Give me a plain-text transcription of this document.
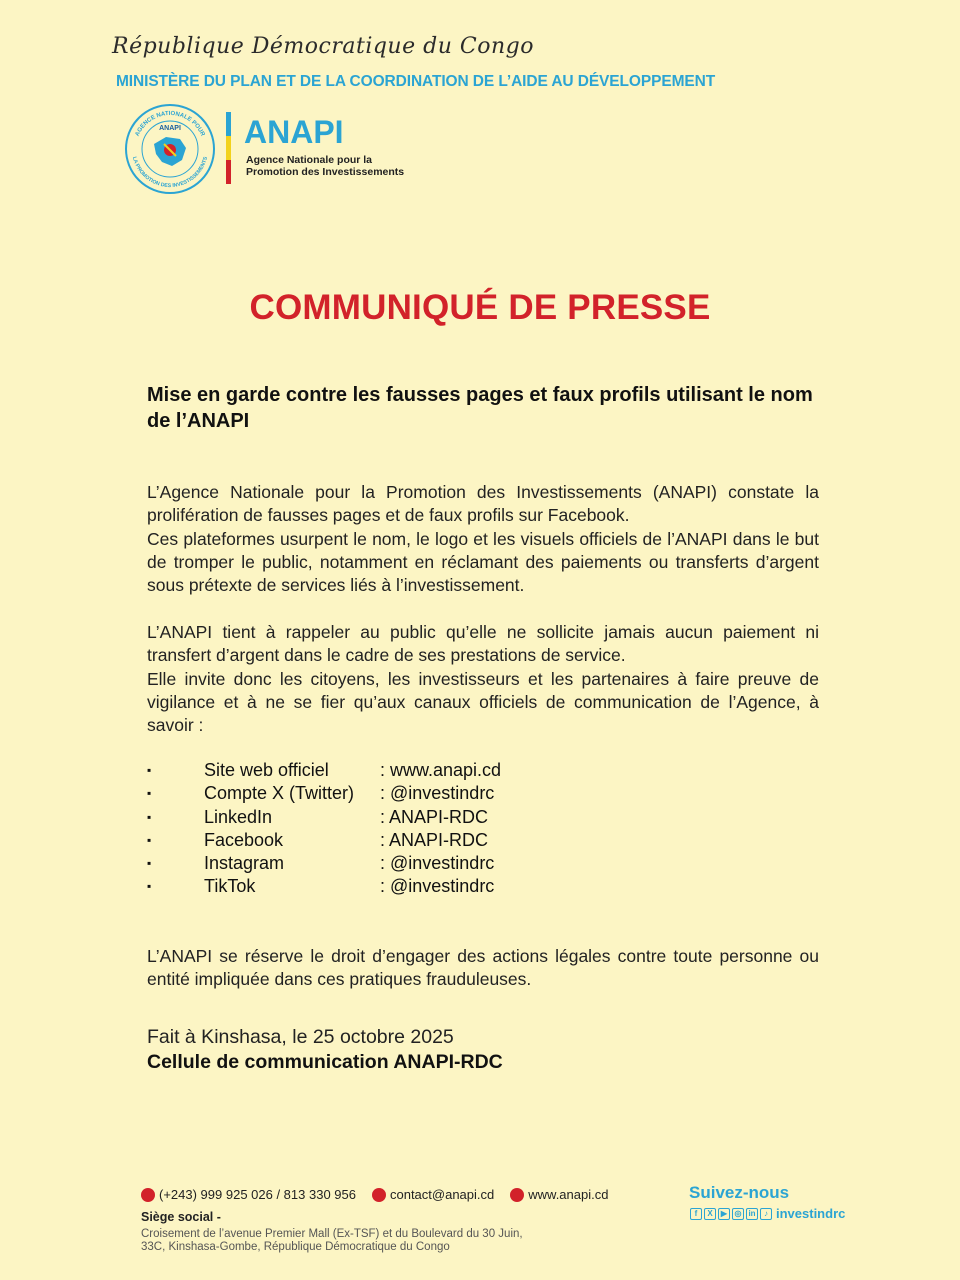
République Démocratique du Congo
MINISTÈRE DU PLAN ET DE LA COORDINATION DE L’AIDE AU DÉVELOPPEMENT
AGENCE NATIONALE POUR
LA PROMOTION DES INVESTISSEMENTS
ANAPI ANAPI
Agence Nationale pour la
Promotion des Investissements
COMMUNIQUÉ DE PRESSE
Mise en garde contre les fausses pages et faux profils utilisant le nom de l’ANAPI
L’Agence Nationale pour la Promotion des Investissements (ANAPI) constate la prolifération de fausses pages et de faux profils sur Facebook.
Ces plateformes usurpent le nom, le logo et les visuels officiels de l’ANAPI dans le but de tromper le public, notamment en réclamant des paiements ou transferts d’argent sous prétexte de services liés à l’investissement.
L’ANAPI tient à rappeler au public qu’elle ne sollicite jamais aucun paiement ni transfert d’argent dans le cadre de ses prestations de service.
Elle invite donc les citoyens, les investisseurs et les partenaires à faire preuve de vigilance et à ne se fier qu’aux canaux officiels de communication de l’Agence, à savoir :
▪	Site web officiel	: www.anapi.cd
▪	Compte X (Twitter)	: @investindrc
▪	LinkedIn	: ANAPI-RDC
▪	Facebook	: ANAPI-RDC
▪	Instagram	: @investindrc
▪	TikTok	: @investindrc
L’ANAPI se réserve le droit d’engager des actions légales contre toute personne ou entité impliquée dans ces pratiques frauduleuses.
Fait à Kinshasa, le 25 octobre 2025
Cellule de communication ANAPI-RDC
(+243) 999 925 026 / 813 330 956	contact@anapi.cd	www.anapi.cd
Siège social -
Croisement de l’avenue Premier Mall (Ex-TSF) et du Boulevard du 30 Juin,
33C, Kinshasa-Gombe, République Démocratique du Congo
Suivez-nous
f	X	▶ ◎ in	♪ investindrc
